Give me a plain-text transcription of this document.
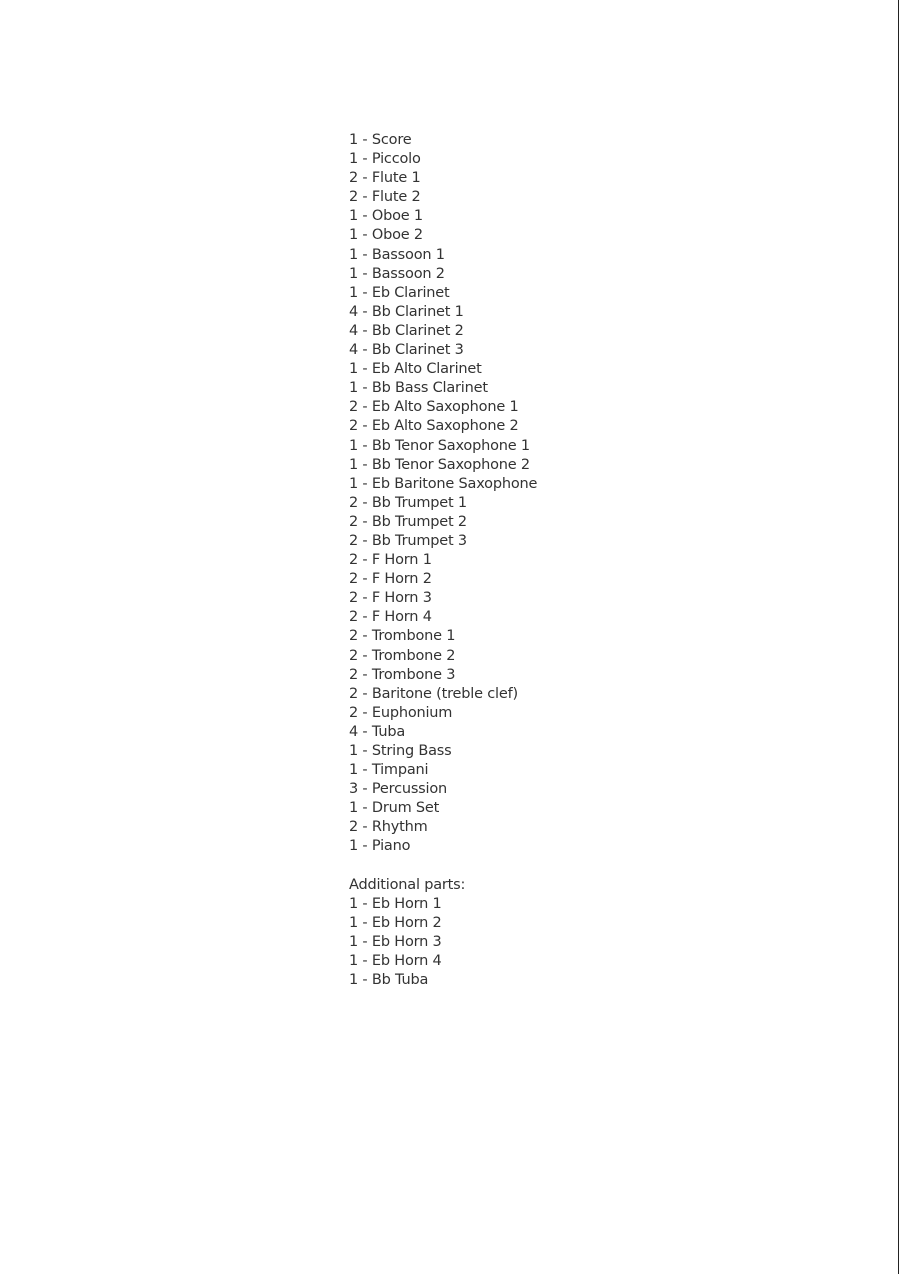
1 - Score
1 - Piccolo
2 - Flute 1
2 - Flute 2
1 - Oboe 1
1 - Oboe 2
1 - Bassoon 1
1 - Bassoon 2
1 - Eb Clarinet
4 - Bb Clarinet 1
4 - Bb Clarinet 2
4 - Bb Clarinet 3
1 - Eb Alto Clarinet
1 - Bb Bass Clarinet
2 - Eb Alto Saxophone 1
2 - Eb Alto Saxophone 2
1 - Bb Tenor Saxophone 1
1 - Bb Tenor Saxophone 2
1 - Eb Baritone Saxophone
2 - Bb Trumpet 1
2 - Bb Trumpet 2
2 - Bb Trumpet 3
2 - F Horn 1
2 - F Horn 2
2 - F Horn 3
2 - F Horn 4
2 - Trombone 1
2 - Trombone 2
2 - Trombone 3
2 - Baritone (treble clef)
2 - Euphonium
4 - Tuba
1 - String Bass
1 - Timpani
3 - Percussion
1 - Drum Set
2 - Rhythm
1 - Piano
Additional parts:
1 - Eb Horn 1
1 - Eb Horn 2
1 - Eb Horn 3
1 - Eb Horn 4
1 - Bb Tuba
